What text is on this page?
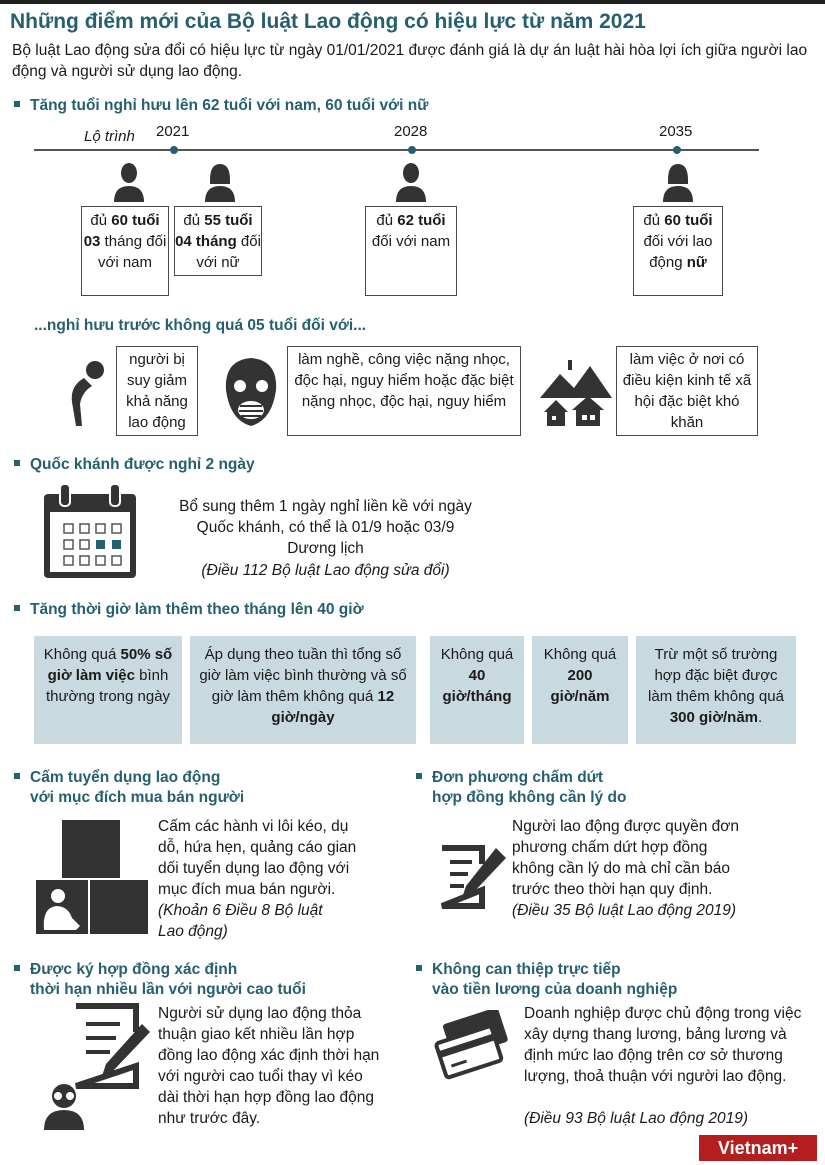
Những điểm mới của Bộ luật Lao động có hiệu lực từ năm 2021
Bộ luật Lao động sửa đổi có hiệu lực từ ngày 01/01/2021 được đánh giá là dự án luật hài hòa lợi ích giữa người lao động và người sử dụng lao động.
Tăng tuổi nghỉ hưu lên 62 tuổi với nam, 60 tuổi với nữ
Lộ trình 2021	2028	2035
đủ 60 tuổi
03 tháng đối với nam
đủ 55 tuổi
04 tháng đối với nữ
đủ 62 tuổi
đối với nam
đủ 60 tuổi
đối với lao động nữ
...nghỉ hưu trước không quá 05 tuổi đối với...
người bị suy giảm khả năng lao động
làm nghề, công việc nặng nhọc, độc hại, nguy hiểm hoặc đặc biệt nặng nhọc, độc hại, nguy hiểm
làm việc ở nơi có điều kiện kinh tế xã hội đặc biệt khó khăn
Quốc khánh được nghỉ 2 ngày
Bổ sung thêm 1 ngày nghỉ liền kề với ngày Quốc khánh, có thể là 01/9 hoặc 03/9 Dương lịch
(Điều 112 Bộ luật Lao động sửa đổi)
Tăng thời giờ làm thêm theo tháng lên 40 giờ
Không quá 50% số giờ làm việc bình thường trong ngày
Áp dụng theo tuần thì tổng số giờ làm việc bình thường và số giờ làm thêm không quá 12 giờ/ngày
Không quá 40 giờ/tháng
Không quá 200 giờ/năm
Trừ một số trường hợp đặc biệt được làm thêm không quá 300 giờ/năm.
Cấm tuyển dụng lao động
với mục đích mua bán người
Cấm các hành vi lôi kéo, dụ dỗ, hứa hẹn, quảng cáo gian dối tuyển dụng lao động với mục đích mua bán người.
(Khoản 6 Điều 8 Bộ luật Lao động)
Đơn phương chấm dứt
hợp đồng không cần lý do
Người lao động được quyền đơn phương chấm dứt hợp đồng không cần lý do mà chỉ cần báo trước theo thời hạn quy định.
(Điều 35 Bộ luật Lao động 2019)
Được ký hợp đồng xác định
thời hạn nhiều lần với người cao tuổi
Người sử dụng lao động thỏa thuận giao kết nhiều lần hợp đồng lao động xác định thời hạn với người cao tuổi thay vì kéo dài thời hạn hợp đồng lao động như trước đây.
Không can thiệp trực tiếp
vào tiền lương của doanh nghiệp
Doanh nghiệp được chủ động trong việc xây dựng thang lương, bảng lương và định mức lao động trên cơ sở thương lượng, thoả thuận với người lao động.
(Điều 93 Bộ luật Lao động 2019)
Vietnam+
